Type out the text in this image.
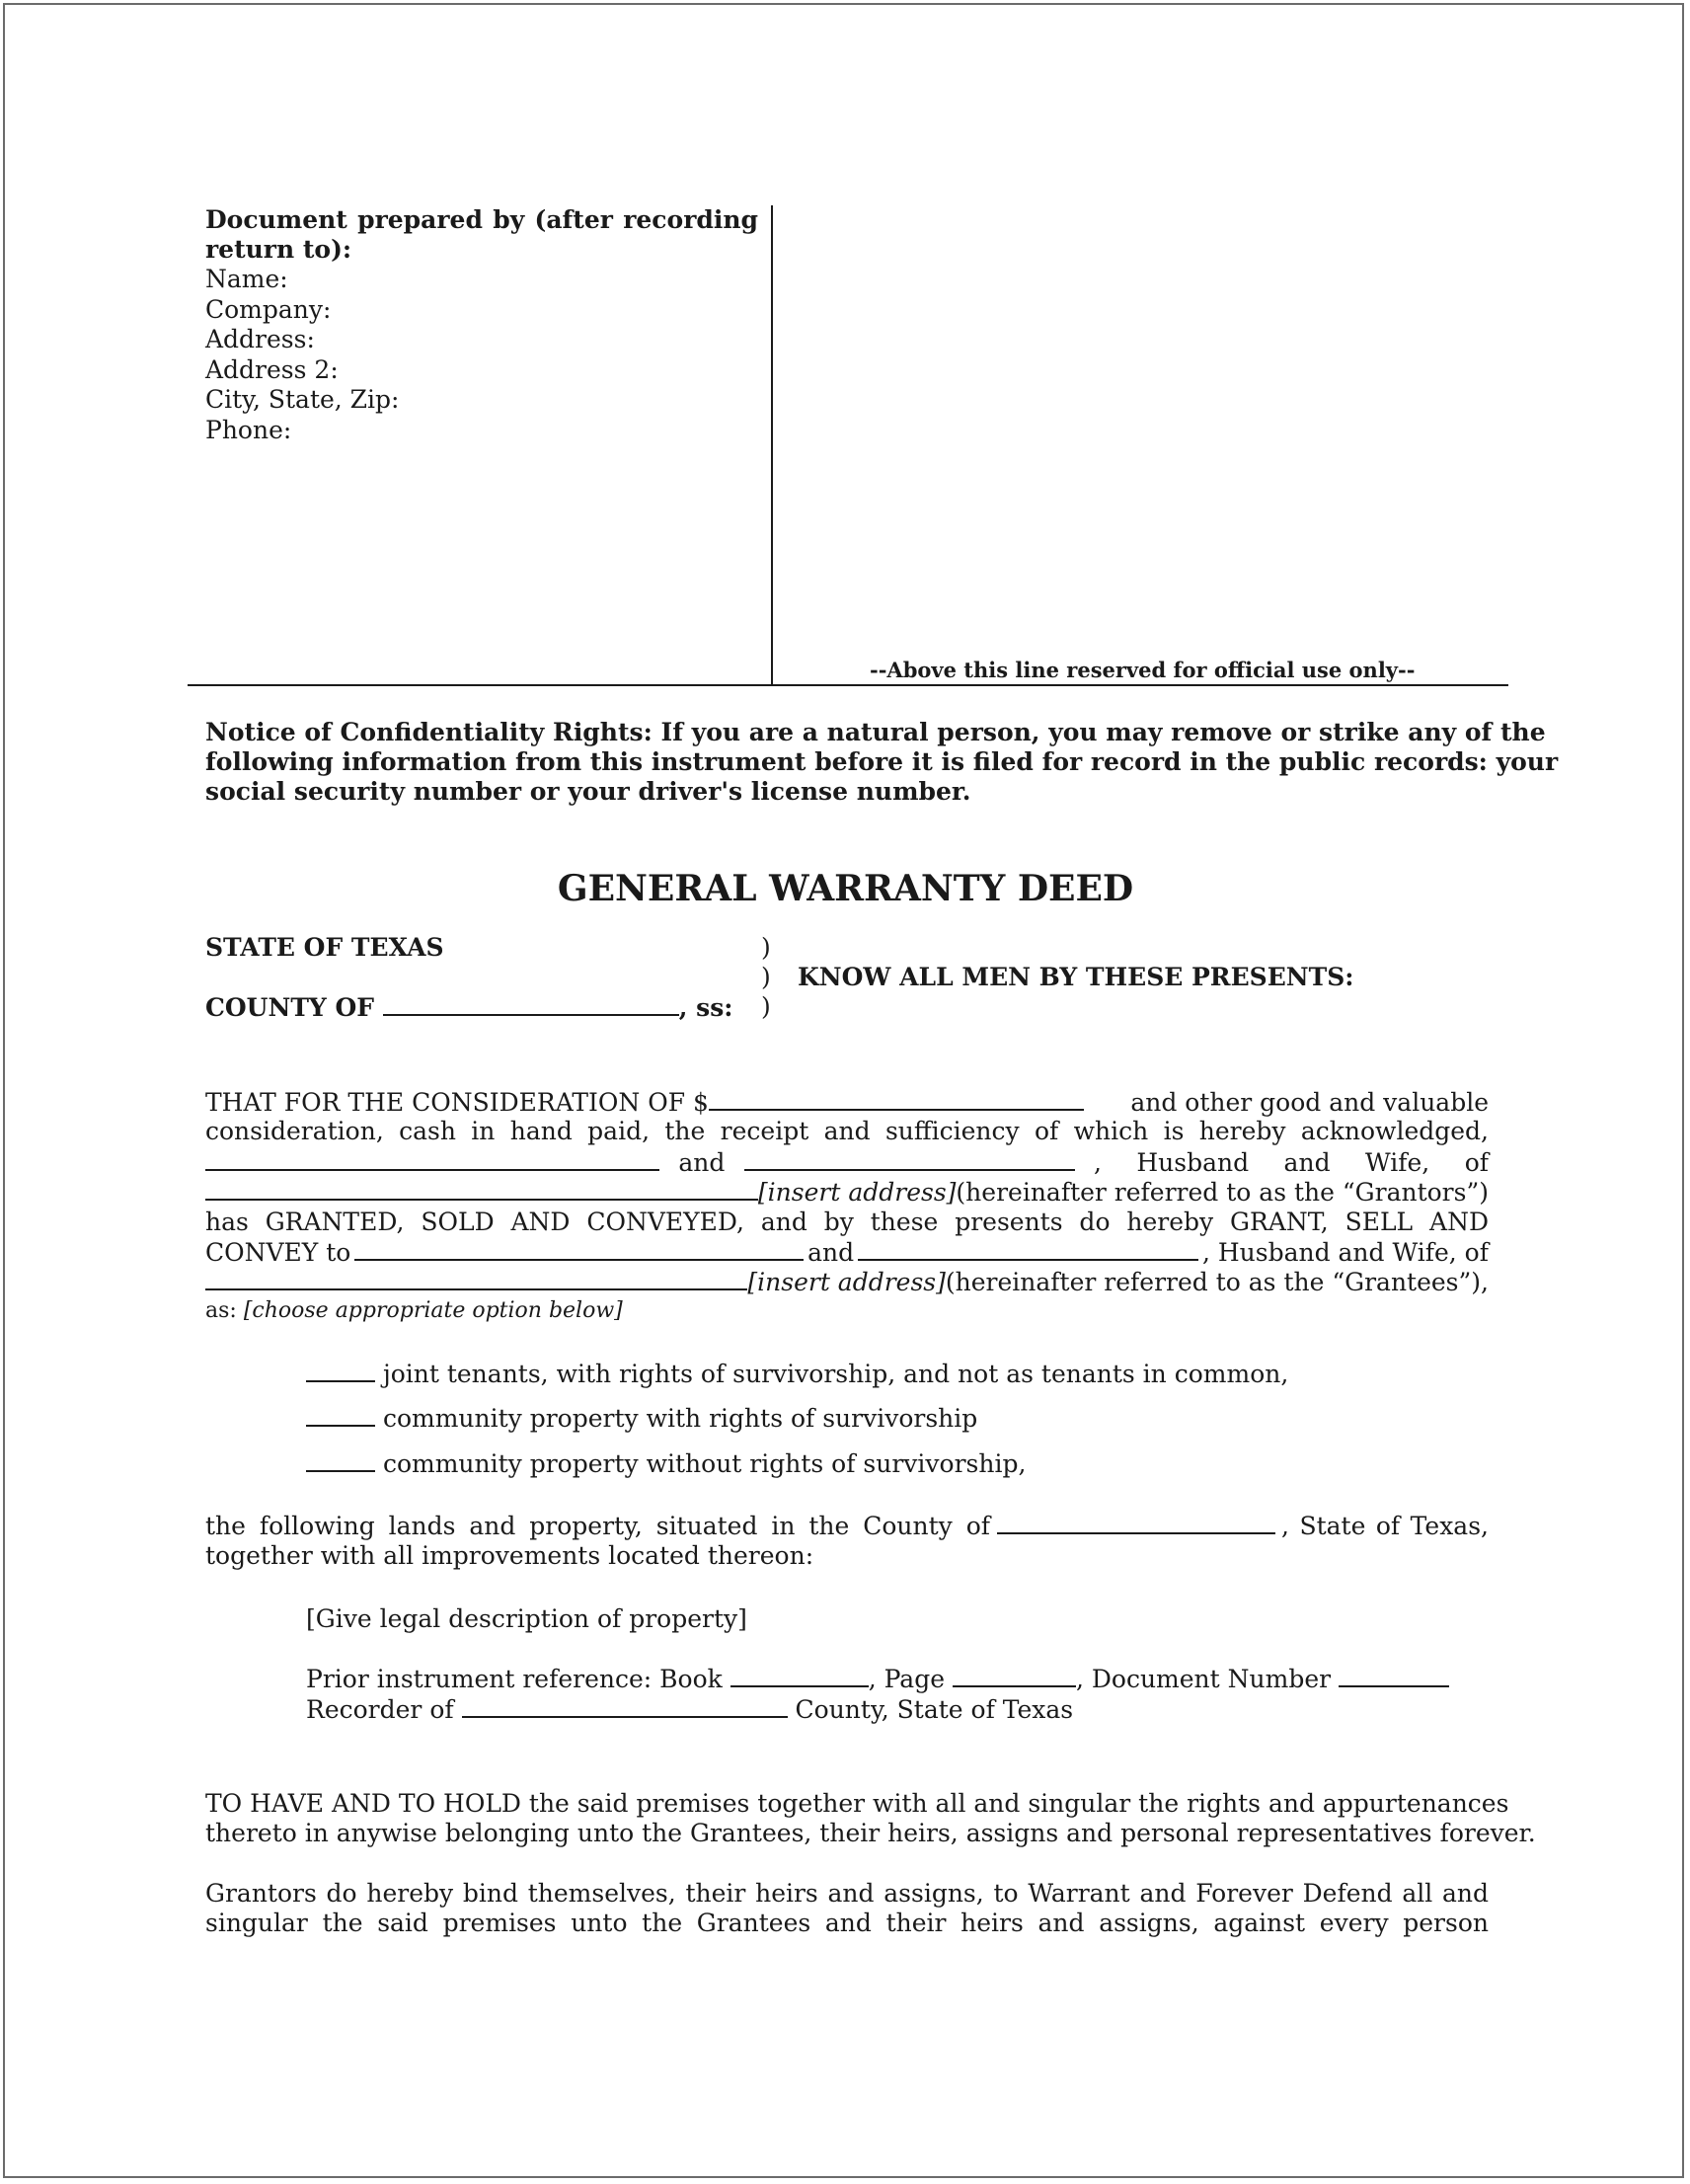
Document prepared by (after recording
return to):
Name:
Company:
Address:
Address 2:
City, State, Zip:
Phone:
--Above this line reserved for official use only--
Notice of Confidentiality Rights: If you are a natural person, you may remove or strike any of the
following information from this instrument before it is filed for record in the public records: your
social security number or your driver's license number.
GENERAL WARRANTY DEED
STATE OF TEXAS	)
) KNOW ALL MEN BY THESE PRESENTS:
COUNTY OF	, ss: )
THAT FOR THE CONSIDERATION OF $	and other good and valuable
consideration, cash in hand paid, the receipt and sufficiency of which is hereby acknowledged,
and	, Husband and Wife, of
[insert address] (hereinafter referred to as the “Grantors”)
has GRANTED, SOLD AND CONVEYED, and by these presents do hereby GRANT, SELL AND
CONVEY to	and	, Husband and Wife, of
[insert address] (hereinafter referred to as the “Grantees”),
as: [choose appropriate option below]
joint tenants, with rights of survivorship, and not as tenants in common,
community property with rights of survivorship
community property without rights of survivorship,
the following lands and property, situated in the County of	, State of Texas,
together with all improvements located thereon:
[Give legal description of property]
Prior instrument reference: Book	, Page	, Document Number
Recorder of	County, State of Texas
TO HAVE AND TO HOLD the said premises together with all and singular the rights and appurtenances
thereto in anywise belonging unto the Grantees, their heirs, assigns and personal representatives forever.
Grantors do hereby bind themselves, their heirs and assigns, to Warrant and Forever Defend all and
singular the said premises unto the Grantees and their heirs and assigns, against every person
